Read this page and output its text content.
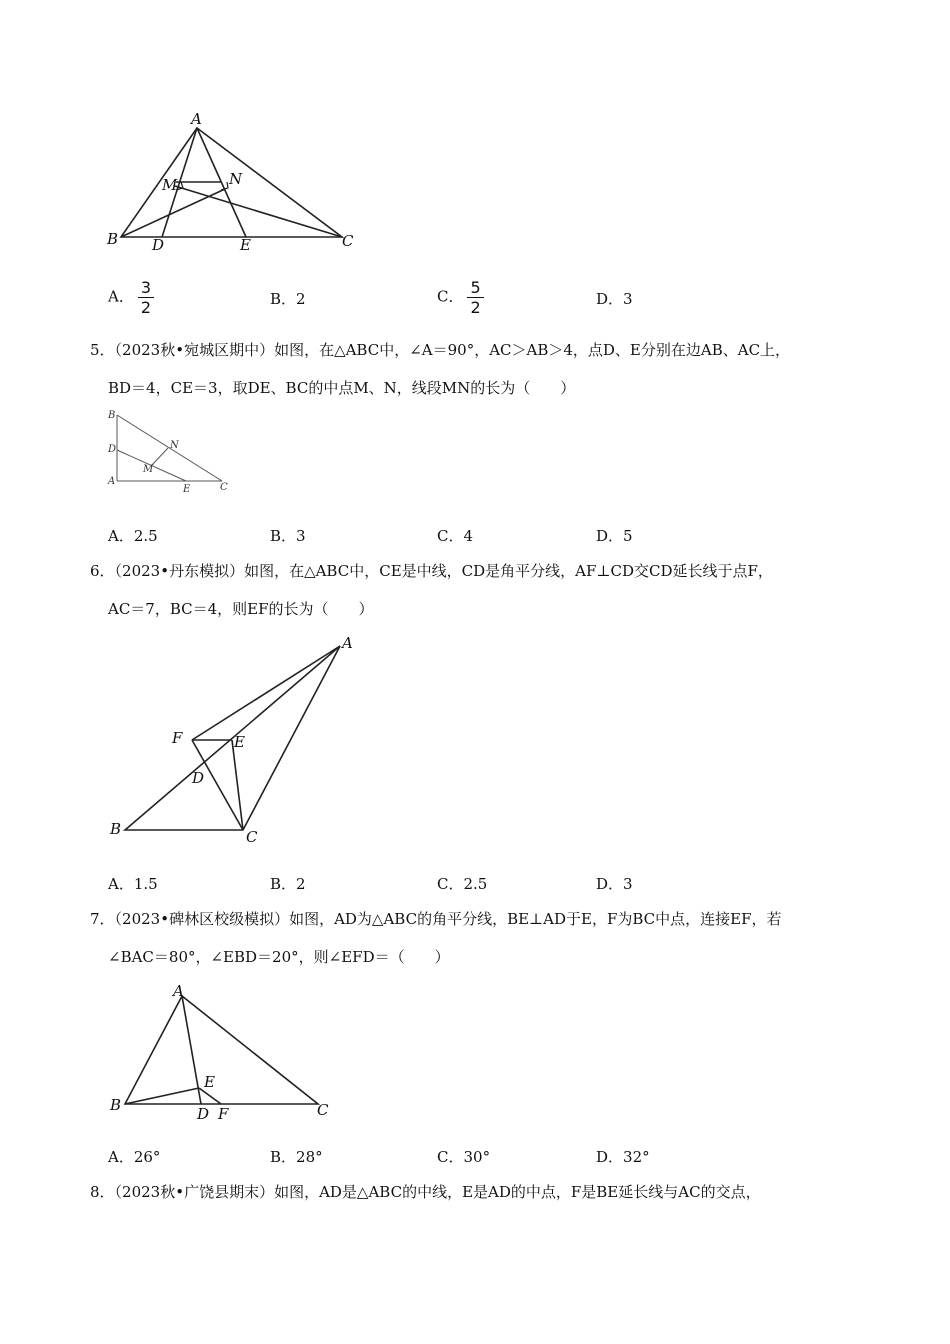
A
M	N
B D	E	C
A． $\frac{3}{2}$	B．2	C． $\frac{5}{2}$	D．3
5．（2023秋•宛城区期中）如图，在△ABC中，∠A＝90°，AC＞AB＞4，点D、E分别在边AB、AC上，
BD＝4，CE＝3，取DE、BC的中点M、N，线段MN的长为（　　）
B
D	N
M
A
E	C
A．2.5	B．3	C．4	D．5
6．（2023•丹东模拟）如图，在△ABC中，CE是中线，CD是角平分线，AF⊥CD交CD延长线于点F，
AC＝7，BC＝4，则EF的长为（　　）
A
F	E
D
B	C
A．1.5	B．2	C．2.5	D．3
7．（2023•碑林区校级模拟）如图，AD为△ABC的角平分线，BE⊥AD于E，F为BC中点，连接EF，若
∠BAC＝80°，∠EBD＝20°，则∠EFD＝（　　）
A
E
B	D F	C
A．26°	B．28°	C．30°	D．32°
8．（2023秋•广饶县期末）如图，AD是△ABC的中线，E是AD的中点，F是BE延长线与AC的交点，
